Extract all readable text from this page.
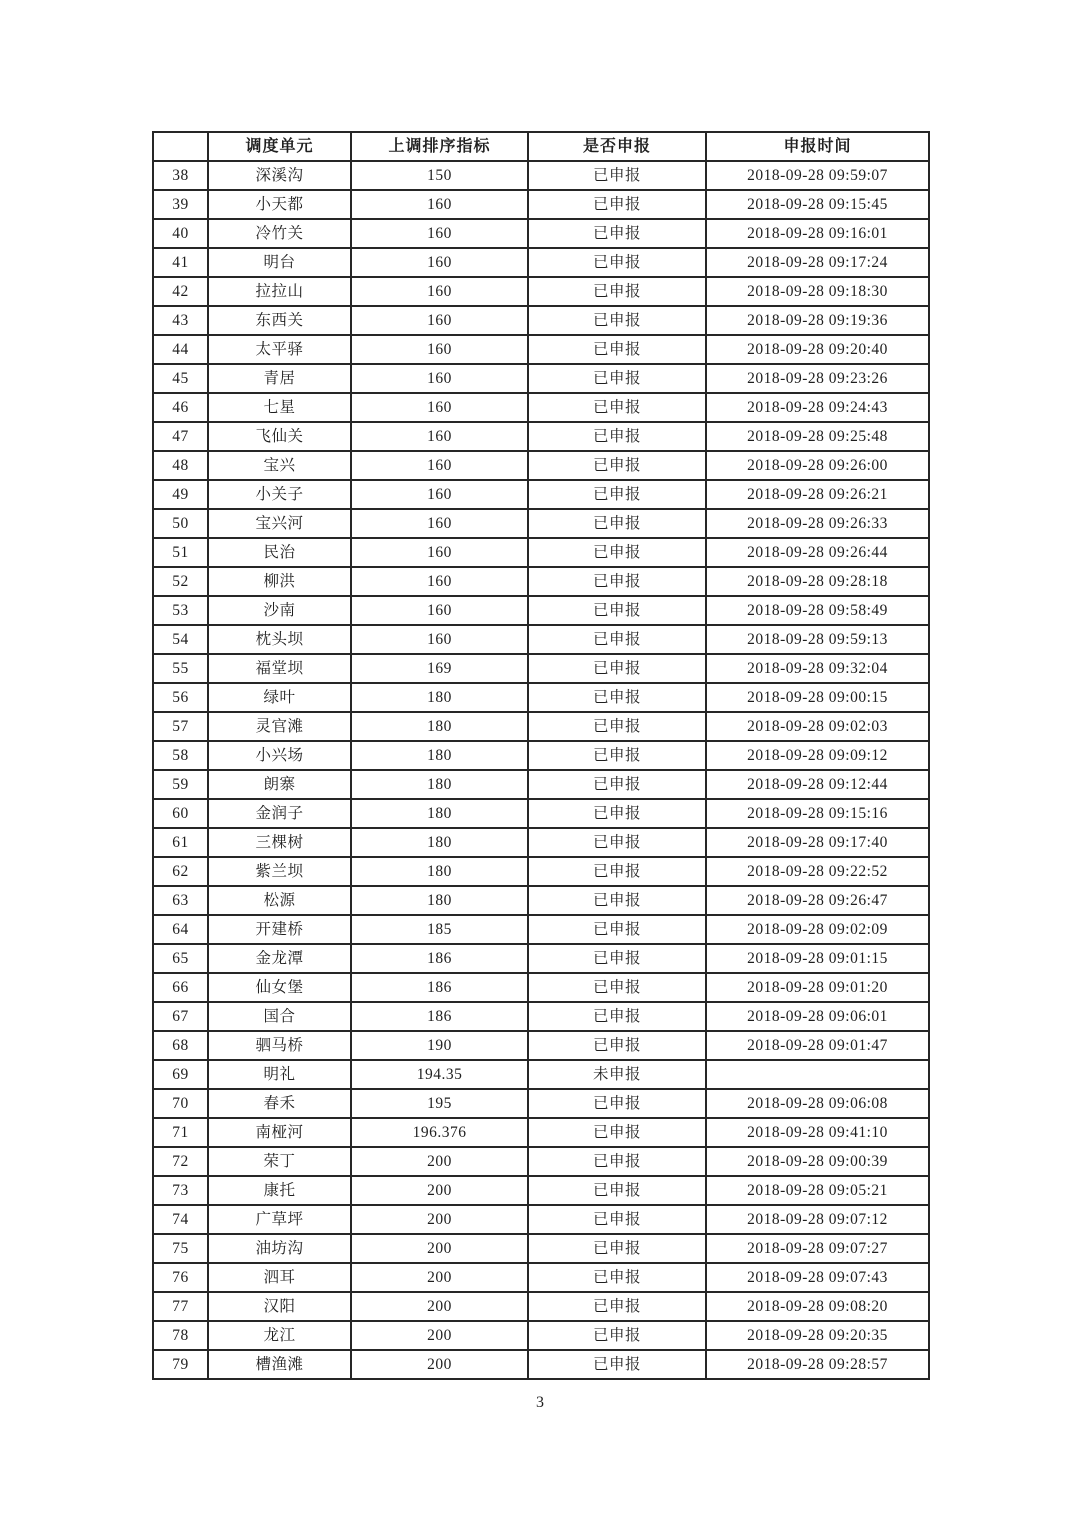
	调度单元	上调排序指标	是否申报	申报时间
38	深溪沟	150	已申报	2018-09-28 09:59:07
39	小天都	160	已申报	2018-09-28 09:15:45
40	冷竹关	160	已申报	2018-09-28 09:16:01
41	明台	160	已申报	2018-09-28 09:17:24
42	拉拉山	160	已申报	2018-09-28 09:18:30
43	东西关	160	已申报	2018-09-28 09:19:36
44	太平驿	160	已申报	2018-09-28 09:20:40
45	青居	160	已申报	2018-09-28 09:23:26
46	七星	160	已申报	2018-09-28 09:24:43
47	飞仙关	160	已申报	2018-09-28 09:25:48
48	宝兴	160	已申报	2018-09-28 09:26:00
49	小关子	160	已申报	2018-09-28 09:26:21
50	宝兴河	160	已申报	2018-09-28 09:26:33
51	民治	160	已申报	2018-09-28 09:26:44
52	柳洪	160	已申报	2018-09-28 09:28:18
53	沙南	160	已申报	2018-09-28 09:58:49
54	枕头坝	160	已申报	2018-09-28 09:59:13
55	福堂坝	169	已申报	2018-09-28 09:32:04
56	绿叶	180	已申报	2018-09-28 09:00:15
57	灵官滩	180	已申报	2018-09-28 09:02:03
58	小兴场	180	已申报	2018-09-28 09:09:12
59	朗寨	180	已申报	2018-09-28 09:12:44
60	金润子	180	已申报	2018-09-28 09:15:16
61	三棵树	180	已申报	2018-09-28 09:17:40
62	紫兰坝	180	已申报	2018-09-28 09:22:52
63	松源	180	已申报	2018-09-28 09:26:47
64	开建桥	185	已申报	2018-09-28 09:02:09
65	金龙潭	186	已申报	2018-09-28 09:01:15
66	仙女堡	186	已申报	2018-09-28 09:01:20
67	国合	186	已申报	2018-09-28 09:06:01
68	驷马桥	190	已申报	2018-09-28 09:01:47
69	明礼	194.35	未申报	
70	春禾	195	已申报	2018-09-28 09:06:08
71	南桠河	196.376	已申报	2018-09-28 09:41:10
72	荣丁	200	已申报	2018-09-28 09:00:39
73	康托	200	已申报	2018-09-28 09:05:21
74	广草坪	200	已申报	2018-09-28 09:07:12
75	油坊沟	200	已申报	2018-09-28 09:07:27
76	泗耳	200	已申报	2018-09-28 09:07:43
77	汉阳	200	已申报	2018-09-28 09:08:20
78	龙江	200	已申报	2018-09-28 09:20:35
79	槽渔滩	200	已申报	2018-09-28 09:28:57
3
